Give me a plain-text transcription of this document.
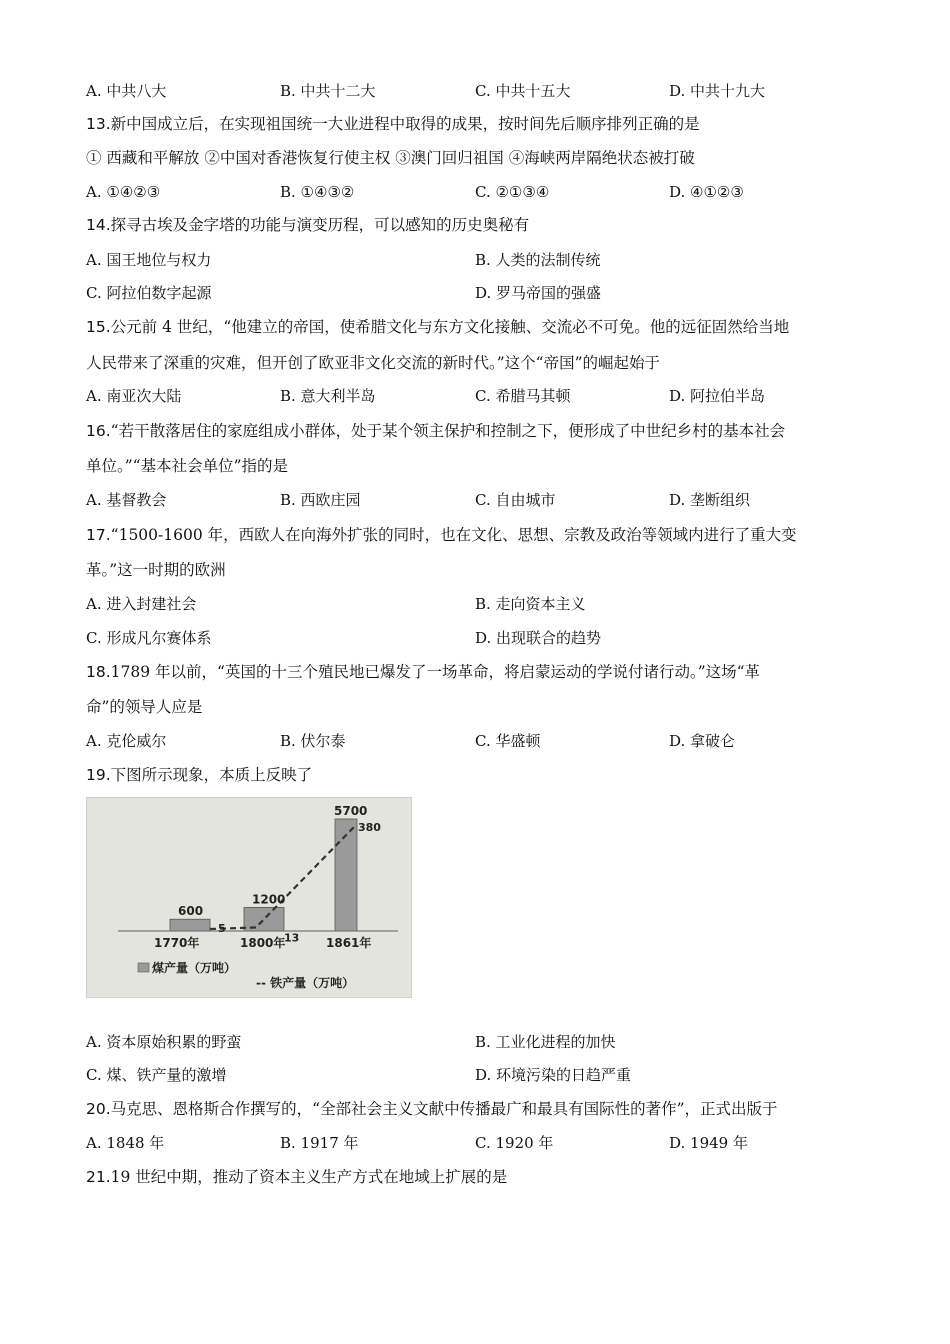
A. 中共八大	B. 中共十二大	C. 中共十五大	D. 中共十九大
13.新中国成立后，在实现祖国统一大业进程中取得的成果，按时间先后顺序排列正确的是
① 西藏和平解放 ②中国对香港恢复行使主权 ③澳门回归祖国 ④海峡两岸隔绝状态被打破
A. ①④②③	B. ①④③②	C. ②①③④	D. ④①②③
14.探寻古埃及金字塔的功能与演变历程，可以感知的历史奥秘有
A. 国王地位与权力	B. 人类的法制传统
C. 阿拉伯数字起源	D. 罗马帝国的强盛
15.公元前 4 世纪，“他建立的帝国，使希腊文化与东方文化接触、交流必不可免。他的远征固然给当地
人民带来了深重的灾难，但开创了欧亚非文化交流的新时代。”这个“帝国”的崛起始于
A. 南亚次大陆	B. 意大利半岛	C. 希腊马其顿	D. 阿拉伯半岛
16.“若干散落居住的家庭组成小群体，处于某个领主保护和控制之下，便形成了中世纪乡村的基本社会
单位。”“基本社会单位”指的是
A. 基督教会	B. 西欧庄园	C. 自由城市	D. 垄断组织
17.“1500-1600 年，西欧人在向海外扩张的同时，也在文化、思想、宗教及政治等领域内进行了重大变
革。”这一时期的欧洲
A. 进入封建社会	B. 走向资本主义
C. 形成凡尔赛体系	D. 出现联合的趋势
18.1789 年以前，“英国的十三个殖民地已爆发了一场革命，将启蒙运动的学说付诸行动。”这场“革
命”的领导人应是
A. 克伦威尔	B. 伏尔泰	C. 华盛顿	D. 拿破仑
19.下图所示现象，本质上反映了
600
1200
5700
5
13
380
1770年	1800年	1861年
煤产量（万吨）
-- 铁产量（万吨）
A. 资本原始积累的野蛮	B. 工业化进程的加快
C. 煤、铁产量的激增	D. 环境污染的日趋严重
20.马克思、恩格斯合作撰写的，“全部社会主义文献中传播最广和最具有国际性的著作”，正式出版于
A. 1848 年	B. 1917 年	C. 1920 年	D. 1949 年
21.19 世纪中期，推动了资本主义生产方式在地域上扩展的是
